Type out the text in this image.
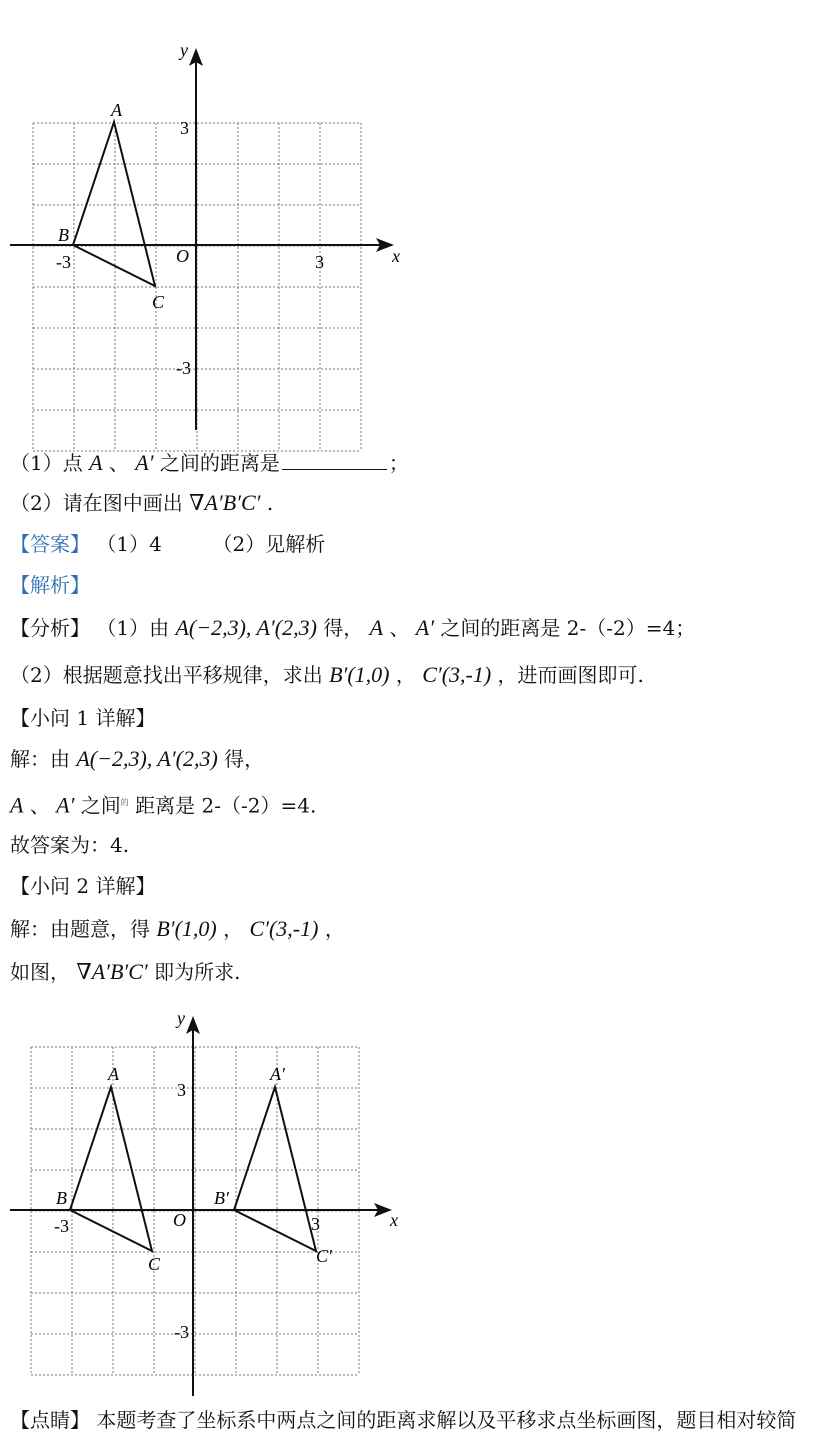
y
x
O	3
-3
3
-3
A
B
C
（1）点 A 、 A′ 之间的距离是	；
（2）请在图中画出 ∇A′B′C′ .
【答案】 （1）4	（2）见解析
【解析】
【分析】 （1）由 A(−2,3), A′(2,3) 得， A 、 A′ 之间的距离是 2-（-2）=4；
（2）根据题意找出平移规律，求出 B′(1,0) ， C′(3,-1) ，进而画图即可.
【小问 1 详解】
解：由 A(−2,3), A′(2,3) 得，
A 、 A′ 之间$^的$ 距离是 2-（-2）=4.
故答案为：4.
【小问 2 详解】
解：由题意，得 B′(1,0) ， C′(3,-1) ，
如图， ∇A′B′C′ 即为所求.
y
x
O	3
-3
3
-3
A
B
C
A′
B′
C′
【点睛】 本题考查了坐标系中两点之间的距离求解以及平移求点坐标画图，题目相对较简
